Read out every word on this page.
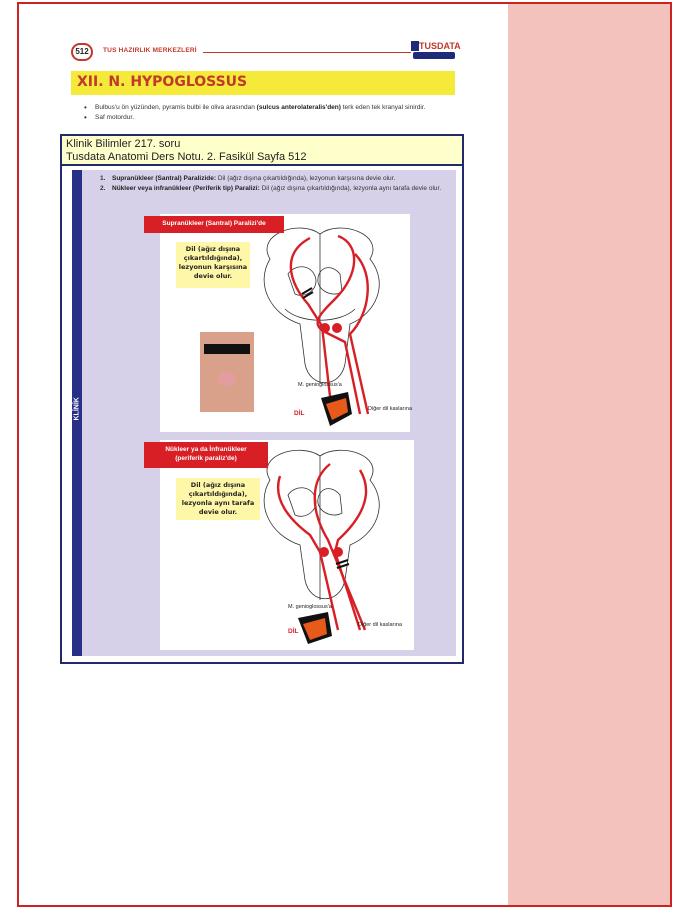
512	TUS HAZIRLIK MERKEZLERİ	TUSDATA
XII. N. HYPOGLOSSUS
• Bulbus'u ön yüzünden, pyramis bulbi ile oliva arasından (sulcus anterolateralis'den) terk eden tek kranyal sinirdir.
• Saf motordur.
Klinik Bilimler 217. soru
Tusdata Anatomi Ders Notu. 2. Fasikül Sayfa 512
KLİNİK
1. Supranükleer (Santral) Paralizide: Dil (ağız dışına çıkartıldığında), lezyonun karşısına devie olur.
2. Nükleer veya infranükleer (Periferik tip) Paralizi: Dil (ağız dışına çıkartıldığında), lezyonla aynı tarafa devie olur.
Supranükleer (Santral) Paralizi'de
Dil (ağız dışına çıkartıldığında), lezyonun karşısına devie olur.
M. genioglossus'a
Diğer dil kaslarına
DİL
Nükleer ya da İnfranükleer
(periferik paraliz'de)
Dil (ağız dışına çıkartıldığında), lezyonla aynı tarafa devie olur.
M. genioglossus'a
Diğer dil kaslarına
DİL
